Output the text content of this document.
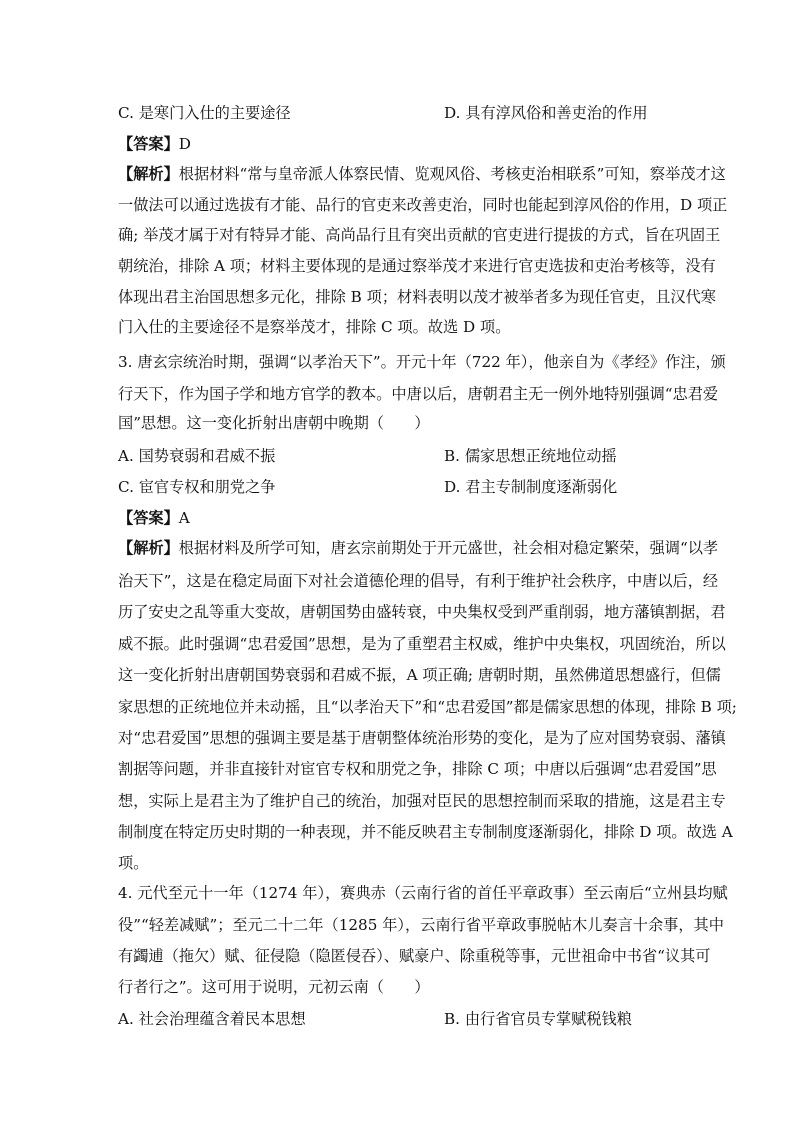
C. 是寒门入仕的主要途径	D. 具有淳风俗和善吏治的作用
【答案】D
【解析】根据材料“常与皇帝派人体察民情、览观风俗、考核吏治相联系”可知，察举茂才这
一做法可以通过选拔有才能、品行的官吏来改善吏治，同时也能起到淳风俗的作用，D 项正
确; 举茂才属于对有特异才能、高尚品行且有突出贡献的官吏进行提拔的方式，旨在巩固王
朝统治，排除 A 项；材料主要体现的是通过察举茂才来进行官吏选拔和吏治考核等，没有
体现出君主治国思想多元化，排除 B 项；材料表明以茂才被举者多为现任官吏，且汉代寒
门入仕的主要途径不是察举茂才，排除 C 项。故选 D 项。
3. 唐玄宗统治时期，强调“以孝治天下”。开元十年（722 年），他亲自为《孝经》作注，颁
行天下，作为国子学和地方官学的教本。中唐以后，唐朝君主无一例外地特别强调“忠君爱
国”思想。这一变化折射出唐朝中晚期（　　）
A. 国势衰弱和君威不振	B. 儒家思想正统地位动摇
C. 宦官专权和朋党之争	D. 君主专制制度逐渐弱化
【答案】A
【解析】根据材料及所学可知，唐玄宗前期处于开元盛世，社会相对稳定繁荣，强调“以孝
治天下”，这是在稳定局面下对社会道德伦理的倡导，有利于维护社会秩序，中唐以后，经
历了安史之乱等重大变故，唐朝国势由盛转衰，中央集权受到严重削弱，地方藩镇割据，君
威不振。此时强调“忠君爱国”思想，是为了重塑君主权威，维护中央集权，巩固统治，所以
这一变化折射出唐朝国势衰弱和君威不振，A 项正确; 唐朝时期，虽然佛道思想盛行，但儒
家思想的正统地位并未动摇，且“以孝治天下”和“忠君爱国”都是儒家思想的体现，排除 B 项;
对“忠君爱国”思想的强调主要是基于唐朝整体统治形势的变化，是为了应对国势衰弱、藩镇
割据等问题，并非直接针对宦官专权和朋党之争，排除 C 项；中唐以后强调“忠君爱国”思
想，实际上是君主为了维护自己的统治，加强对臣民的思想控制而采取的措施，这是君主专
制制度在特定历史时期的一种表现，并不能反映君主专制制度逐渐弱化，排除 D 项。故选 A
项。
4. 元代至元十一年（1274 年），赛典赤（云南行省的首任平章政事）至云南后“立州县均赋
役”“轻差减赋”；至元二十二年（1285 年），云南行省平章政事脱帖木儿奏言十余事，其中
有蠲逋（拖欠）赋、征侵隐（隐匿侵吞）、赋豪户、除重税等事，元世祖命中书省“议其可
行者行之”。这可用于说明，元初云南（　　）
A. 社会治理蕴含着民本思想	B. 由行省官员专掌赋税钱粮
